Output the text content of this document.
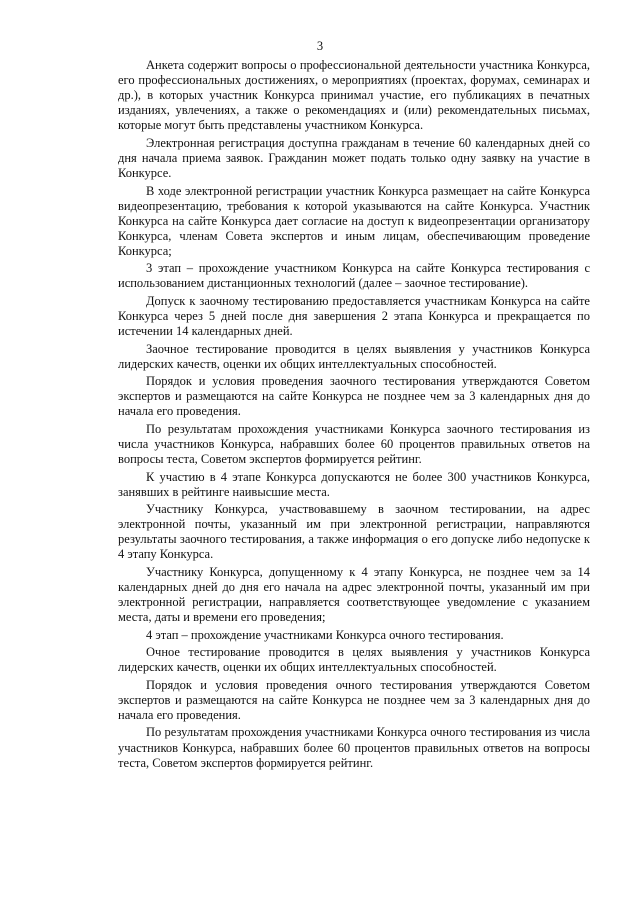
3

Анкета содержит вопросы о профессиональной деятельности участника Конкурса, его профессиональных достижениях, о мероприятиях (проектах, форумах, семинарах и др.), в которых участник Конкурса принимал участие, его публикациях в печатных изданиях, увлечениях, а также о рекомендациях и (или) рекомендательных письмах, которые могут быть представлены участником Конкурса.

Электронная регистрация доступна гражданам в течение 60 календарных дней со дня начала приема заявок. Гражданин может подать только одну заявку на участие в Конкурсе.

В ходе электронной регистрации участник Конкурса размещает на сайте Конкурса видеопрезентацию, требования к которой указываются на сайте Конкурса. Участник Конкурса на сайте Конкурса дает согласие на доступ к видеопрезентации организатору Конкурса, членам Совета экспертов и иным лицам, обеспечивающим проведение Конкурса;

3 этап – прохождение участником Конкурса на сайте Конкурса тестирования с использованием дистанционных технологий (далее – заочное тестирование).

Допуск к заочному тестированию предоставляется участникам Конкурса на сайте Конкурса через 5 дней после дня завершения 2 этапа Конкурса и прекращается по истечении 14 календарных дней.

Заочное тестирование проводится в целях выявления у участников Конкурса лидерских качеств, оценки их общих интеллектуальных способностей.

Порядок и условия проведения заочного тестирования утверждаются Советом экспертов и размещаются на сайте Конкурса не позднее чем за 3 календарных дня до начала его проведения.

По результатам прохождения участниками Конкурса заочного тестирования из числа участников Конкурса, набравших более 60 процентов правильных ответов на вопросы теста, Советом экспертов формируется рейтинг.

К участию в 4 этапе Конкурса допускаются не более 300 участников Конкурса, занявших в рейтинге наивысшие места.

Участнику Конкурса, участвовавшему в заочном тестировании, на адрес электронной почты, указанный им при электронной регистрации, направляются результаты заочного тестирования, а также информация о его допуске либо недопуске к 4 этапу Конкурса.

Участнику Конкурса, допущенному к 4 этапу Конкурса, не позднее чем за 14 календарных дней до дня его начала на адрес электронной почты, указанный им при электронной регистрации, направляется соответствующее уведомление с указанием места, даты и времени его проведения;

4 этап – прохождение участниками Конкурса очного тестирования.

Очное тестирование проводится в целях выявления у участников Конкурса лидерских качеств, оценки их общих интеллектуальных способностей.

Порядок и условия проведения очного тестирования утверждаются Советом экспертов и размещаются на сайте Конкурса не позднее чем за 3 календарных дня до начала его проведения.

По результатам прохождения участниками Конкурса очного тестирования из числа участников Конкурса, набравших более 60 процентов правильных ответов на вопросы теста, Советом экспертов формируется рейтинг.
